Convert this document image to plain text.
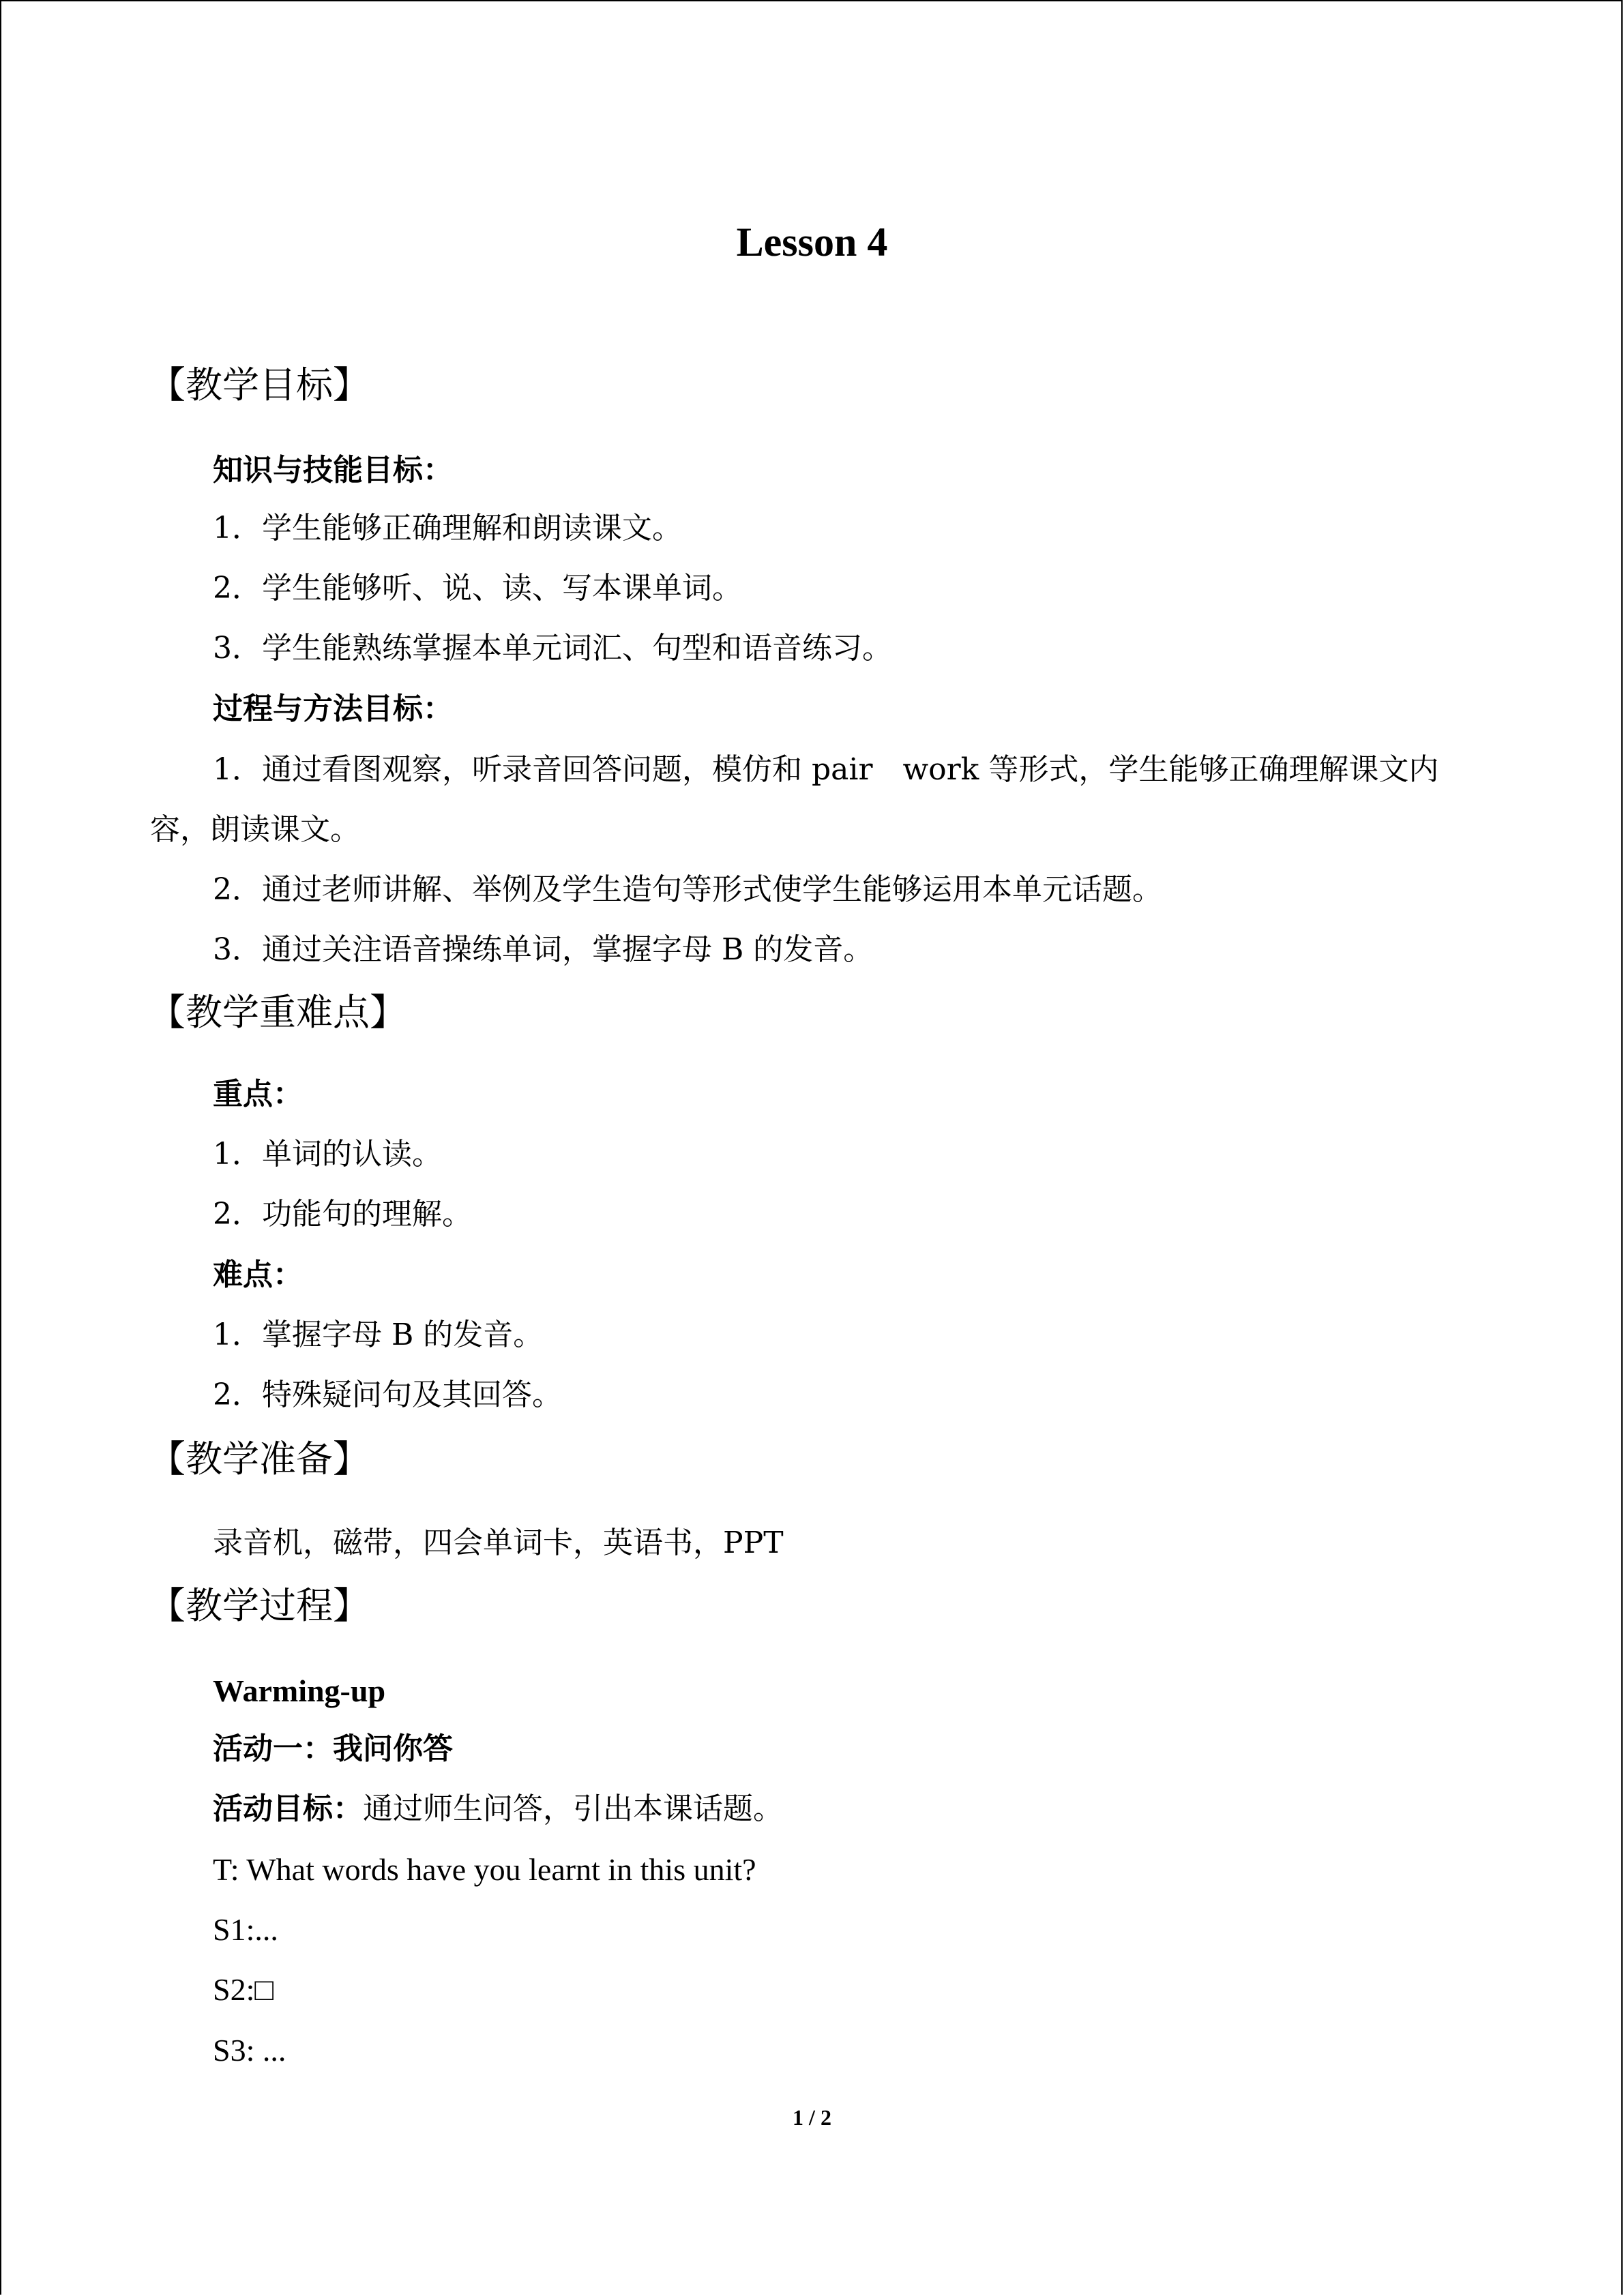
Lesson 4
【教学目标】
知识与技能目标：
1．学生能够正确理解和朗读课文。
2．学生能够听、说、读、写本课单词。
3．学生能熟练掌握本单元词汇、句型和语音练习。
过程与方法目标：
1．通过看图观察，听录音回答问题，模仿和 pair　work 等形式，学生能够正确理解课文内容，朗读课文。
2．通过老师讲解、举例及学生造句等形式使学生能够运用本单元话题。
3．通过关注语音操练单词，掌握字母 B 的发音。
【教学重难点】
重点：
1．单词的认读。
2．功能句的理解。
难点：
1．掌握字母 B 的发音。
2．特殊疑问句及其回答。
【教学准备】
录音机，磁带，四会单词卡，英语书，PPT
【教学过程】
Warming-up
活动一：我问你答
活动目标：通过师生问答，引出本课话题。
T: What words have you learnt in this unit?
S1:...
S2:□
S3: ...
1 / 2
